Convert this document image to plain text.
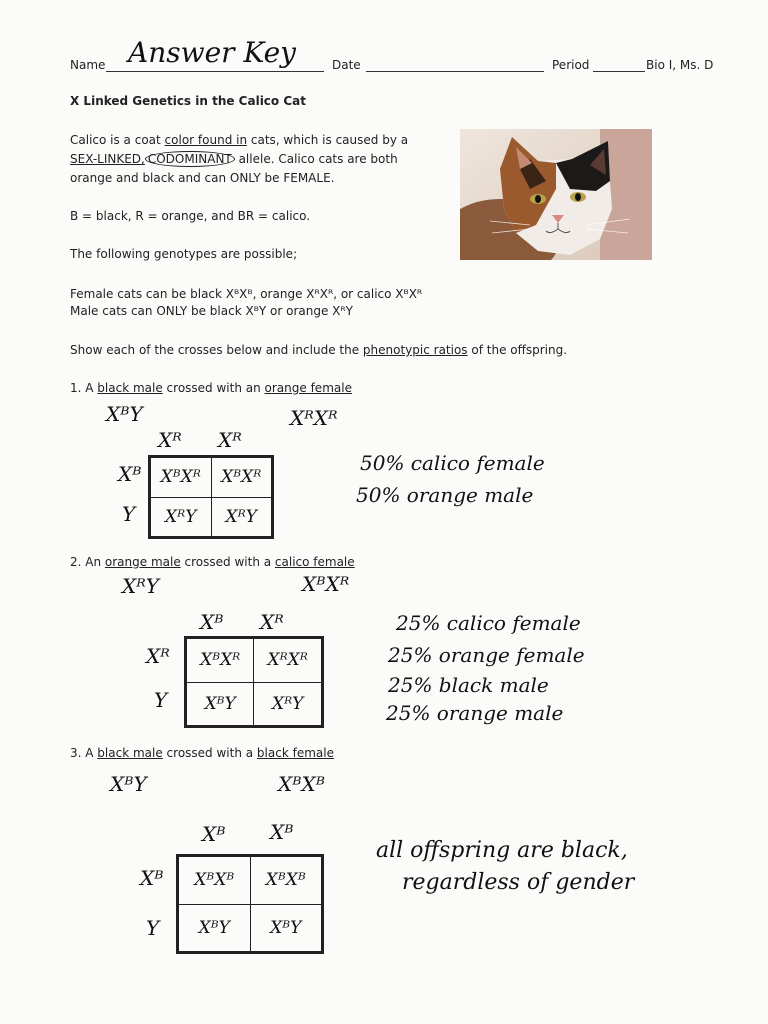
Name Answer Key	Date	Period	Bio I, Ms. D
X Linked Genetics in the Calico Cat
Calico is a coat color found in cats, which is caused by a
SEX-LINKED, CODOMINANT allele. Calico cats are both
orange and black and can ONLY be FEMALE.
B = black, R = orange, and BR = calico.
The following genotypes are possible;
Female cats can be black XᴮXᴮ, orange XᴿXᴿ, or calico XᴮXᴿ
Male cats can ONLY be black XᴮY or orange XᴿY
Show each of the crosses below and include the phenotypic ratios of the offspring.
1. A black male crossed with an orange female
XᴮY	XᴿXᴿ
Xᴿ Xᴿ
Xᴮ
Y
XᴮXᴿ	XᴮXᴿ
XᴿY	XᴿY
50% calico female
50% orange male
2. An orange male crossed with a calico female
XᴿY	XᴮXᴿ
Xᴮ Xᴿ
Xᴿ
Y
XᴮXᴿ	XᴿXᴿ
XᴮY	XᴿY
25% calico female
25% orange female
25% black male
25% orange male
3. A black male crossed with a black female
XᴮY	XᴮXᴮ
Xᴮ Xᴮ
Xᴮ
Y
XᴮXᴮ	XᴮXᴮ
XᴮY	XᴮY
all offspring are black,
regardless of gender
